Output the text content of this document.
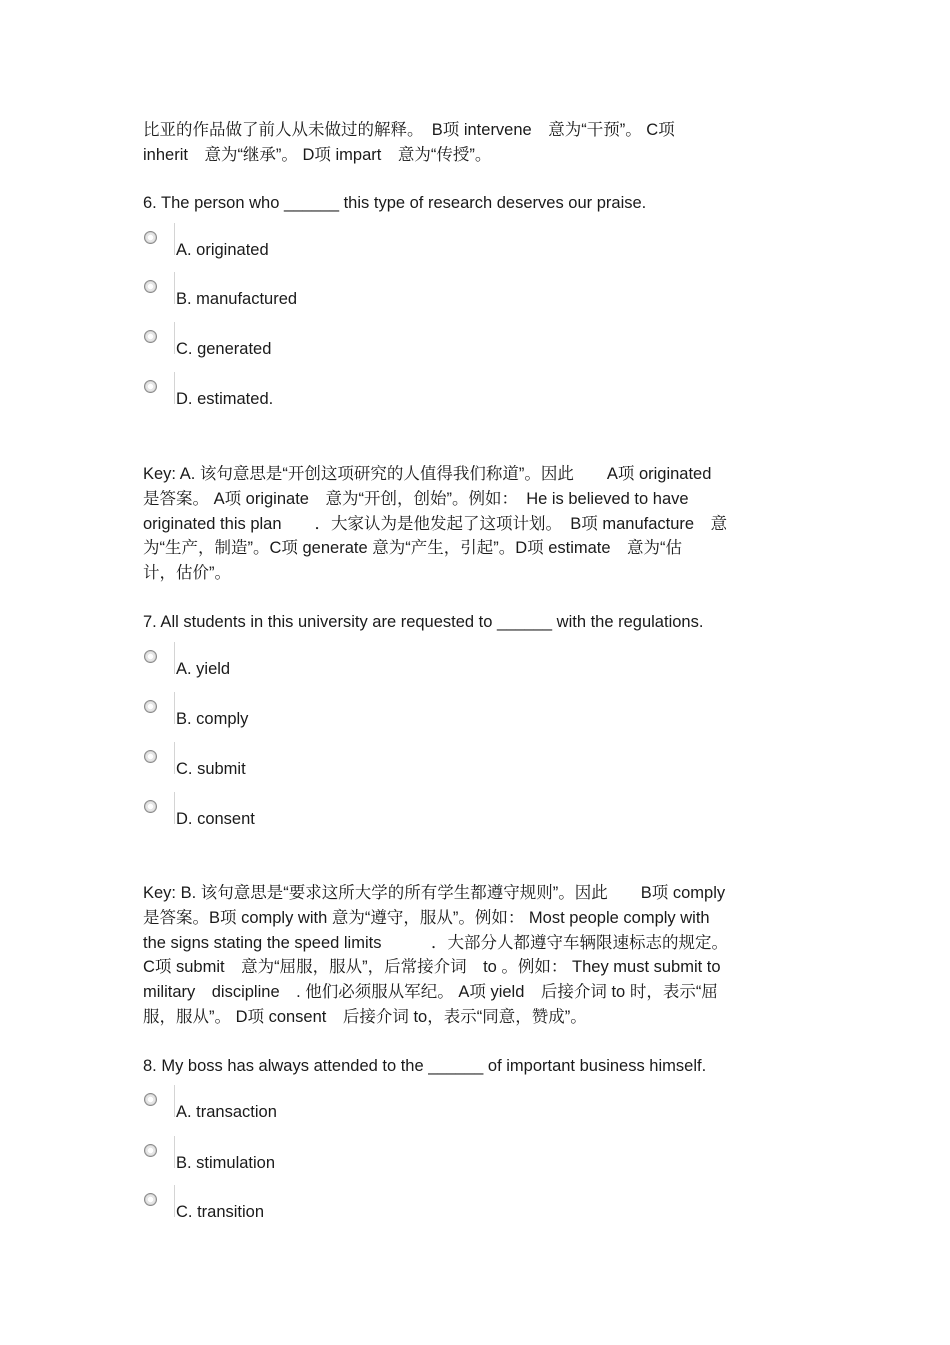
比亚的作品做了前人从未做过的解释。　B项 intervene　意为“干预”。 C项

inherit　意为“继承”。 D项 impart　意为“传授”。

6. The person who ______ this type of research deserves our praise.

A. originated
B. manufactured
C. generated
D. estimated.

Key: A. 该句意思是“开创这项研究的人值得我们称道”。因此　　A项 originated

是答案。 A项 originate　意为“开创，创始”。例如：　He is believed to have

originated this plan　　．大家认为是他发起了这项计划。　B项 manufacture　意

为“生产，制造”。C项 generate 意为“产生，引起”。D项 estimate　意为“估

计，估价”。

7. All students in this university are requested to ______ with the regulations.

A. yield
B. comply
C. submit
D. consent

Key: B. 该句意思是“要求这所大学的所有学生都遵守规则”。因此　　B项 comply

是答案。B项 comply with 意为“遵守，服从”。例如： Most people comply with

the signs stating the speed limits　　　．大部分人都遵守车辆限速标志的规定。

C项 submit　意为“屈服，服从”，后常接介词　to 。例如： They must submit to

military　discipline　. 他们必须服从军纪。 A项 yield　后接介词 to 时，表示“屈

服，服从”。 D项 consent　后接介词 to，表示“同意，赞成”。

8. My boss has always attended to the ______ of important business himself.

A. transaction
B. stimulation
C. transition
